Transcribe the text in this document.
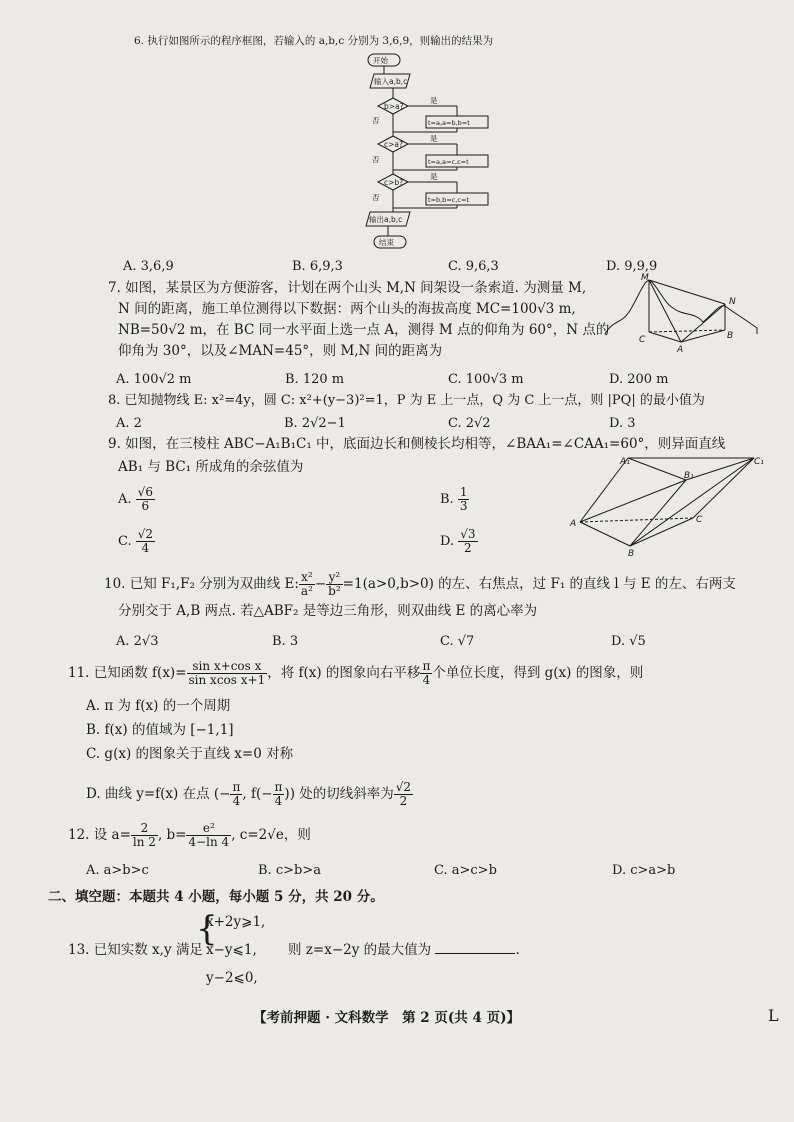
6. 执行如图所示的程序框图，若输入的 a,b,c 分别为 3,6,9，则输出的结果为
开始
输入a,b,c
b>a?
是
否	t=a,a=b,b=t
c>a?
是
否	t=a,a=c,c=t
c>b?
是
否	t=b,b=c,c=t
输出a,b,c
结束
A. 3,6,9	B. 6,9,3	C. 9,6,3	D. 9,9,9
7. 如图，某景区为方便游客，计划在两个山头 M,N 间架设一条索道. 为测量 M,
N 间的距离，施工单位测得以下数据：两个山头的海拔高度 MC=100√3 m,
NB=50√2 m，在 BC 同一水平面上选一点 A，测得 M 点的仰角为 60°，N 点的
仰角为 30°，以及∠MAN=45°，则 M,N 间的距离为
M
N
C
A
B
A. 100√2 m	B. 120 m	C. 100√3 m	D. 200 m
8. 已知抛物线 E: x²=4y，圆 C: x²+(y−3)²=1，P 为 E 上一点，Q 为 C 上一点，则 |PQ| 的最小值为
A. 2	B. 2√2−1	C. 2√2	D. 3
9. 如图，在三棱柱 ABC−A₁B₁C₁ 中，底面边长和侧棱长均相等，∠BAA₁=∠CAA₁=60°，则异面直线
AB₁ 与 BC₁ 所成角的余弦值为
A. $\frac{√6}{6}$	B. $\frac{1}{3}$
C. $\frac{√2}{4}$	D. $\frac{√3}{2}$
A₁
B₁
C₁
A
B
C
10. 已知 F₁,F₂ 分别为双曲线 E: $\frac{\text{x²}}{\text{a²}} - \frac{\text{y²}}{\text{b²}} =1(a>0,b>0)$ 的左、右焦点，过 F₁ 的直线 l 与 E 的左、右两支
分别交于 A,B 两点. 若△ABF₂ 是等边三角形，则双曲线 E 的离心率为
A. 2√3	B. 3	C. √7	D. √5
11. 已知函数 $f(x)= \frac{\text{sin x+cos x}}{\text{sin xcos x+1}}$ ，将 f(x) 的图象向右平移 $\frac{\pi}{4}$ 个单位长度，得到 g(x) 的图象，则
A. π 为 f(x) 的一个周期
B. f(x) 的值域为 [−1,1]
C. g(x) 的图象关于直线 x=0 对称
D. 曲线 y=f(x) 在点 (− $\frac{\pi}{4}$ , $f(- \frac{\pi}{4}$ )) 处的切线斜率为 $\frac{√2}{2}$
12. 设 $a= \frac{2}{\ln 2}$ , $b= \frac{\text{e²}}{4-\ln 4}$ , c=2√e，则
A. a>b>c	B. c>b>a	C. a>c>b	D. c>a>b
二、填空题：本题共 4 小题，每小题 5 分，共 20 分。
13. 已知实数 x,y 满足
{
x+2y⩾1,
x−y⩽1,
y−2⩽0,
则 z=x−2y 的最大值为	.
【考前押题 · 文科数学　第 2 页(共 4 页)】	L
